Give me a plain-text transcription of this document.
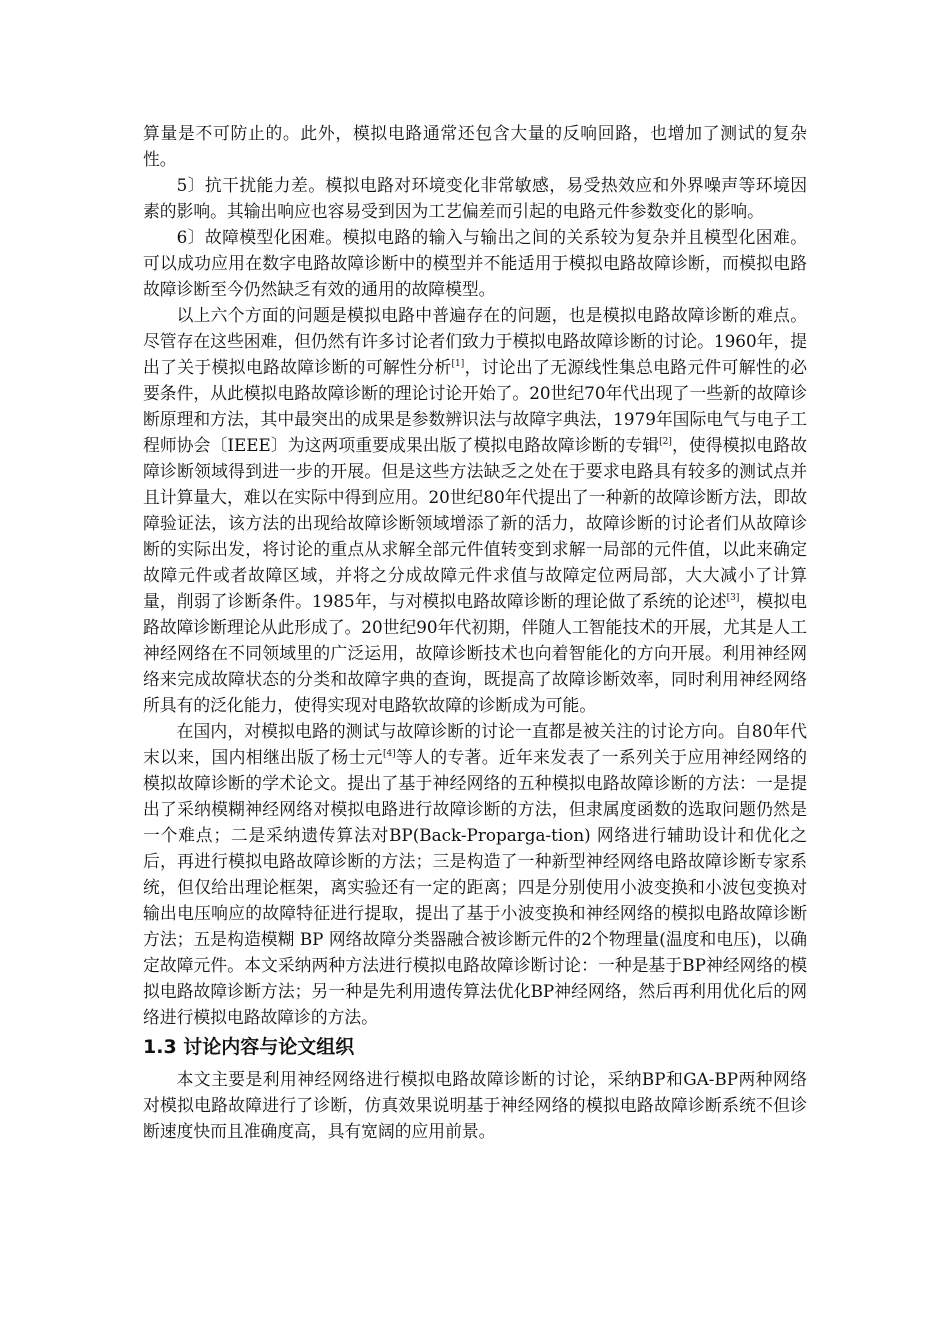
算量是不可防止的。此外，模拟电路通常还包含大量的反响回路，也增加了测试的复杂性。

5〕抗干扰能力差。模拟电路对环境变化非常敏感，易受热效应和外界噪声等环境因素的影响。其输出响应也容易受到因为工艺偏差而引起的电路元件参数变化的影响。

6〕故障模型化困难。模拟电路的输入与输出之间的关系较为复杂并且模型化困难。可以成功应用在数字电路故障诊断中的模型并不能适用于模拟电路故障诊断，而模拟电路故障诊断至今仍然缺乏有效的通用的故障模型。

以上六个方面的问题是模拟电路中普遍存在的问题，也是模拟电路故障诊断的难点。尽管存在这些困难，但仍然有许多讨论者们致力于模拟电路故障诊断的讨论。1960年，提出了关于模拟电路故障诊断的可解性分析[1]，讨论出了无源线性集总电路元件可解性的必要条件，从此模拟电路故障诊断的理论讨论开始了。20世纪70年代出现了一些新的故障诊断原理和方法，其中最突出的成果是参数辨识法与故障字典法，1979年国际电气与电子工程师协会〔IEEE〕为这两项重要成果出版了模拟电路故障诊断的专辑[2]，使得模拟电路故障诊断领域得到进一步的开展。但是这些方法缺乏之处在于要求电路具有较多的测试点并且计算量大，难以在实际中得到应用。20世纪80年代提出了一种新的故障诊断方法，即故障验证法，该方法的出现给故障诊断领域增添了新的活力，故障诊断的讨论者们从故障诊断的实际出发，将讨论的重点从求解全部元件值转变到求解一局部的元件值，以此来确定故障元件或者故障区域，并将之分成故障元件求值与故障定位两局部，大大减小了计算量，削弱了诊断条件。1985年，与对模拟电路故障诊断的理论做了系统的论述[3]，模拟电路故障诊断理论从此形成了。20世纪90年代初期，伴随人工智能技术的开展，尤其是人工神经网络在不同领域里的广泛运用，故障诊断技术也向着智能化的方向开展。利用神经网络来完成故障状态的分类和故障字典的查询，既提高了故障诊断效率，同时利用神经网络所具有的泛化能力，使得实现对电路软故障的诊断成为可能。

在国内，对模拟电路的测试与故障诊断的讨论一直都是被关注的讨论方向。自80年代末以来，国内相继出版了杨士元[4]等人的专著。近年来发表了一系列关于应用神经网络的模拟故障诊断的学术论文。提出了基于神经网络的五种模拟电路故障诊断的方法：一是提出了采纳模糊神经网络对模拟电路进行故障诊断的方法，但隶属度函数的选取问题仍然是一个难点；二是采纳遗传算法对BP(Back-Proparga-tion) 网络进行辅助设计和优化之后，再进行模拟电路故障诊断的方法；三是构造了一种新型神经网络电路故障诊断专家系统，但仅给出理论框架，离实验还有一定的距离；四是分别使用小波变换和小波包变换对输出电压响应的故障特征进行提取，提出了基于小波变换和神经网络的模拟电路故障诊断方法；五是构造模糊 BP 网络故障分类器融合被诊断元件的2个物理量(温度和电压)，以确定故障元件。本文采纳两种方法进行模拟电路故障诊断讨论：一种是基于BP神经网络的模拟电路故障诊断方法；另一种是先利用遗传算法优化BP神经网络，然后再利用优化后的网络进行模拟电路故障诊的方法。

1.3 讨论内容与论文组织

本文主要是利用神经网络进行模拟电路故障诊断的讨论，采纳BP和GA-BP两种网络对模拟电路故障进行了诊断，仿真效果说明基于神经网络的模拟电路故障诊断系统不但诊断速度快而且准确度高，具有宽阔的应用前景。
